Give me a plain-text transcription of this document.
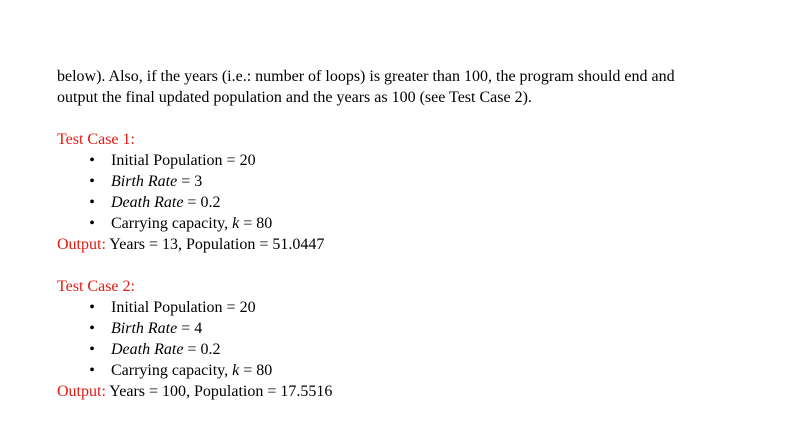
below). Also, if the years (i.e.: number of loops) is greater than 100, the program should end and

output the final updated population and the years as 100 (see Test Case 2).

Test Case 1:
• Initial Population = 20
• Birth Rate = 3
• Death Rate = 0.2
• Carrying capacity, k = 80
Output: Years = 13, Population = 51.0447
Test Case 2:
• Initial Population = 20
• Birth Rate = 4
• Death Rate = 0.2
• Carrying capacity, k = 80
Output: Years = 100, Population = 17.5516
